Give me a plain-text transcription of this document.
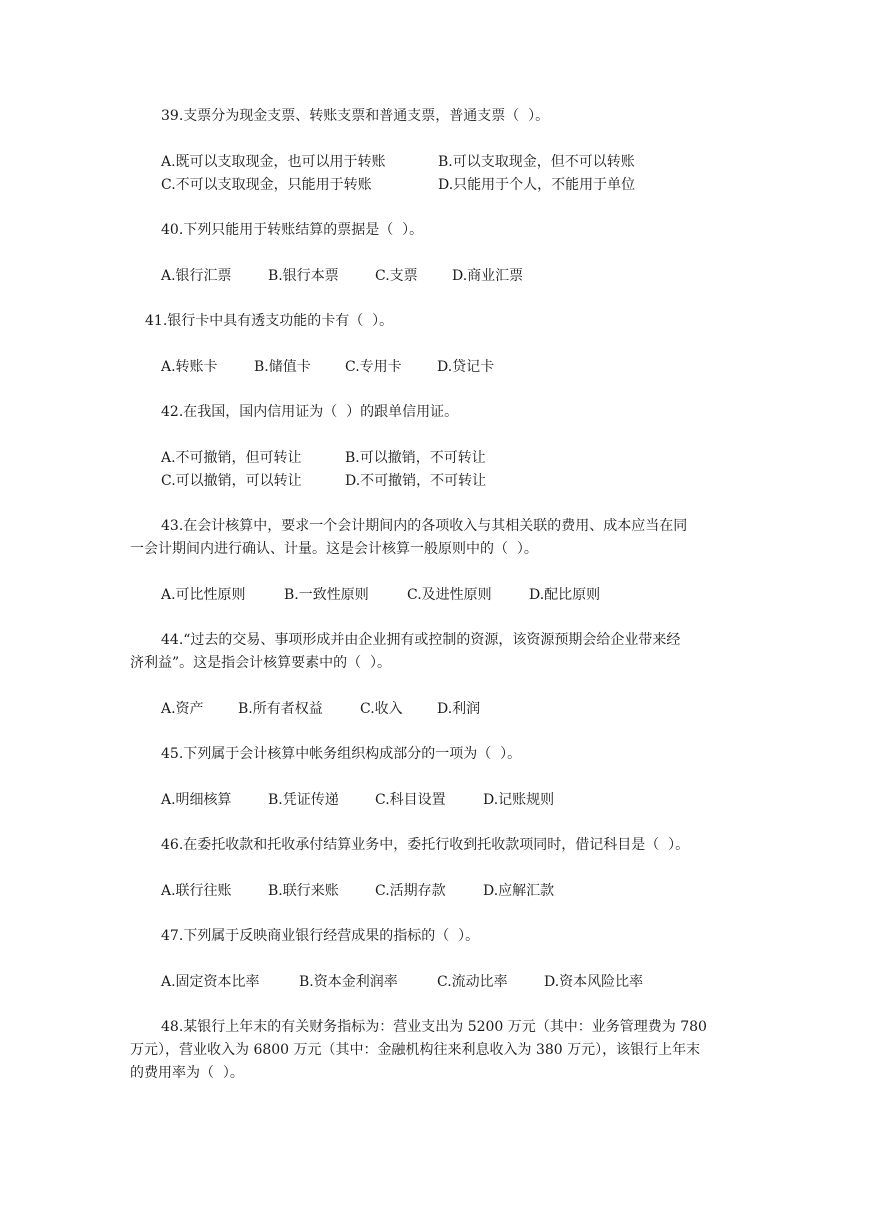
39.支票分为现金支票、转账支票和普通支票，普通支票（  ）。
A.既可以支取现金，也可以用于转账	B.可以支取现金，但不可以转账
C.不可以支取现金，只能用于转账	D.只能用于个人，不能用于单位
40.下列只能用于转账结算的票据是（  ）。
A.银行汇票	B.银行本票	C.支票 D.商业汇票
41.银行卡中具有透支功能的卡有（  ）。
A.转账卡	B.储值卡 C.专用卡	D.贷记卡
42.在我国，国内信用证为（  ）的跟单信用证。
A.不可撤销，但可转让	B.可以撤销，不可转让
C.可以撤销，可以转让	D.不可撤销，不可转让
43.在会计核算中，要求一个会计期间内的各项收入与其相关联的费用、成本应当在同
一会计期间内进行确认、计量。这是会计核算一般原则中的（  ）。
A.可比性原则	B.一致性原则	C.及进性原则	D.配比原则
44.“过去的交易、事项形成并由企业拥有或控制的资源，该资源预期会给企业带来经
济利益”。这是指会计核算要素中的（  ）。
A.资产 B.所有者权益	C.收入 D.利润
45.下列属于会计核算中帐务组织构成部分的一项为（  ）。
A.明细核算	B.凭证传递	C.科目设置	D.记账规则
46.在委托收款和托收承付结算业务中，委托行收到托收款项同时，借记科目是（  ）。
A.联行往账	B.联行来账	C.活期存款	D.应解汇款
47.下列属于反映商业银行经营成果的指标的（  ）。
A.固定资本比率	B.资本金利润率	C.流动比率	D.资本风险比率
48.某银行上年末的有关财务指标为：营业支出为 5200 万元（其中：业务管理费为 780
万元），营业收入为 6800 万元（其中：金融机构往来利息收入为 380 万元），该银行上年末
的费用率为（  ）。
